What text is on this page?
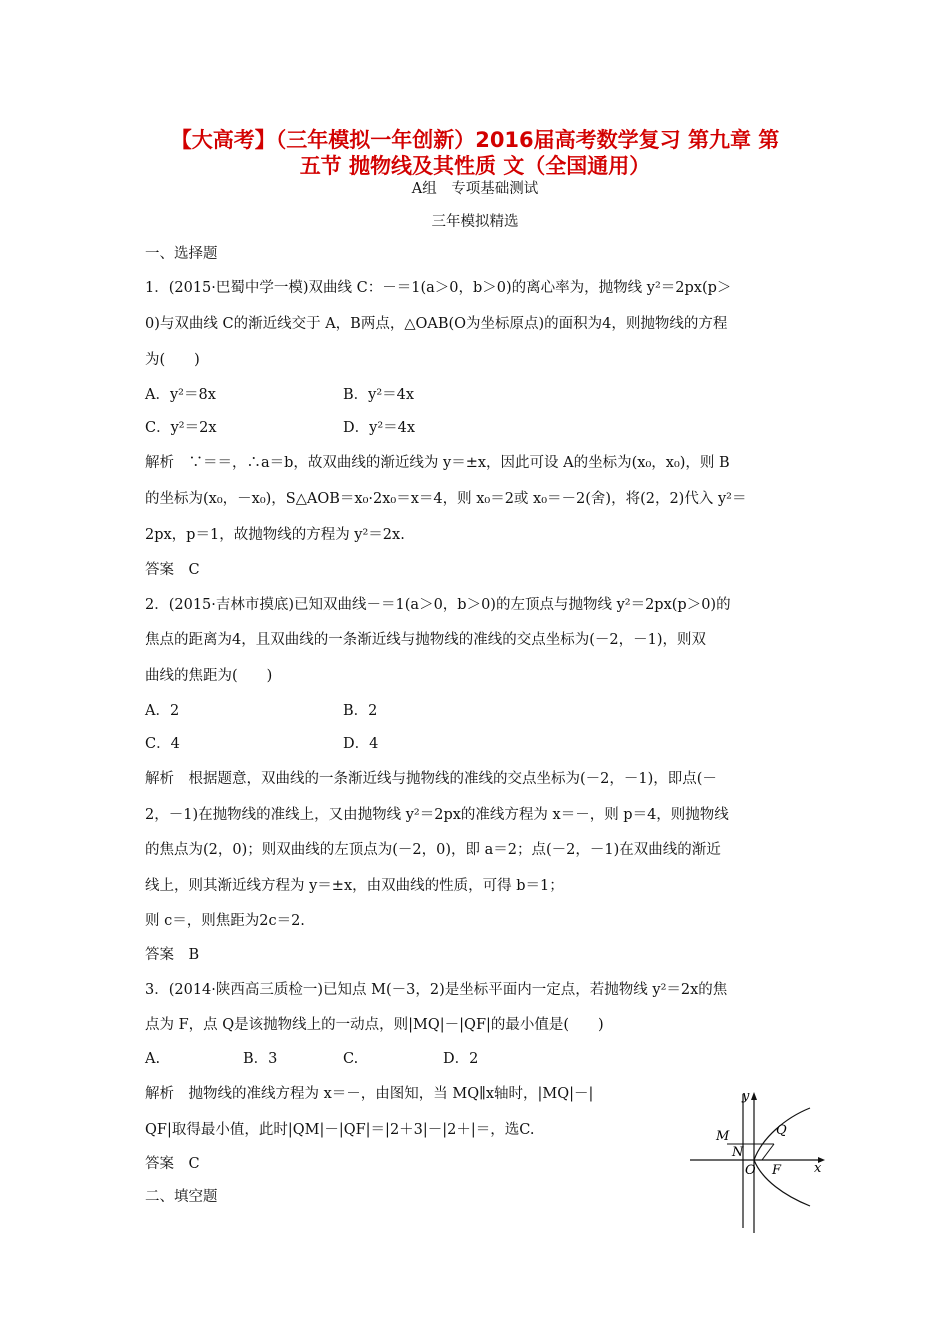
【大高考】（三年模拟一年创新）2016届高考数学复习 第九章 第
五节 抛物线及其性质 文（全国通用）
A组　专项基础测试
三年模拟精选
一、选择题
1．(2015·巴蜀中学一模)双曲线 C：－＝1(a＞0，b＞0)的离心率为，抛物线 y²＝2px(p＞
0)与双曲线 C的渐近线交于 A，B两点，△OAB(O为坐标原点)的面积为4，则抛物线的方程
为(　　)
A．y²＝8x	B．y²＝4x
C．y²＝2x	D．y²＝4x
解析　∵＝＝，∴a＝b，故双曲线的渐近线为 y＝±x，因此可设 A的坐标为(x₀，x₀)，则 B
的坐标为(x₀，－x₀)，S△AOB＝x₀·2x₀＝x＝4，则 x₀＝2或 x₀＝－2(舍)，将(2，2)代入 y²＝
2px，p＝1，故抛物线的方程为 y²＝2x.
答案　C
2．(2015·吉林市摸底)已知双曲线－＝1(a＞0，b＞0)的左顶点与抛物线 y²＝2px(p＞0)的
焦点的距离为4，且双曲线的一条渐近线与抛物线的准线的交点坐标为(－2，－1)，则双
曲线的焦距为(　　)
A．2	B．2
C．4	D．4
解析　根据题意，双曲线的一条渐近线与抛物线的准线的交点坐标为(－2，－1)，即点(－
2，－1)在抛物线的准线上，又由抛物线 y²＝2px的准线方程为 x＝－，则 p＝4，则抛物线
的焦点为(2，0)；则双曲线的左顶点为(－2，0)，即 a＝2；点(－2，－1)在双曲线的渐近
线上，则其渐近线方程为 y＝±x，由双曲线的性质，可得 b＝1；
则 c＝，则焦距为2c＝2.
答案　B
3．(2014·陕西高三质检一)已知点 M(－3，2)是坐标平面内一定点，若抛物线 y²＝2x的焦
点为 F，点 Q是该抛物线上的一动点，则|MQ|－|QF|的最小值是(　　)
A.	B．3	C.	D．2
解析　抛物线的准线方程为 x＝－，由图知，当 MQ∥x轴时，|MQ|－|
QF|取得最小值，此时|QM|－|QF|＝|2＋3|－|2＋|＝，选C.
答案　C
二、填空题
y
x
M	Q
N
O F
